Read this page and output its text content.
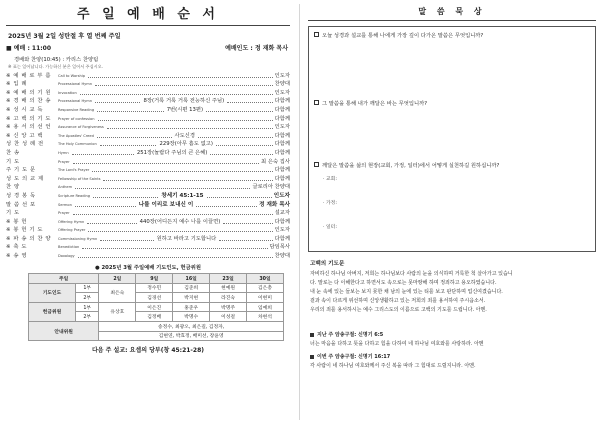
주 일 예 배 순 서
2025년 3월 2일 성탄절 후 열 번째 주일
■ 예배 : 11:00	예배인도 : 정 재화 목사
경배와 찬양(10:45) : 카리스 찬양팀
※ 표는 일어납니다. 가능하신 분은 일어서 주십시오.
※ 예 배 로 부 름	Call to Worship	인도자
※ 입 례	Processional Hymn	찬양대
※ 예 배 의 기 원	Invocation	인도자
※ 경 배 의 찬 송	Processional Hymn	8장(거룩 거룩 거룩 전능하신 주님)	다함께
※ 성 시 교 독	Responsive Reading	7번(시편 13편)	다함께
※ 고 백 의 기 도	Prayer of confession	다함께
※ 용 서 의 선 언	Assurance of Forgiveness	인도자
※ 신 앙 고 백	The Apostles' Creed	사도신경	다함께
성 찬 성 례 전	The Holy Communion	229장(아무 흠도 없고)	다함께
찬 송	Hymn	251장(놀랍다 주님의 큰 은혜)	다함께
기 도	Prayer	최 은숙 집사
주 기 도 문	The Lord's Prayer	다함께
성 도 의 교 제	Fellowship of the Saints	다함께
찬 양	Anthem	글로리아 찬양대
성 경 봉 독	Scripture Reading	창세기 45:1-15	인도자
말 씀 선 포	Sermon	나를 이리로 보내신 이	정 재화 목사
기 도	Prayer	설교자
※ 봉 헌	Offering Hymn	440장(어디든지 예수 나를 이끌면)	다함께
※ 봉 헌 기 도	Offering Prayer	인도자
※ 파 송 의 찬 양	Commissioning Hymn	원하고 바라고 기도합니다	다함께
※ 축 도	Benediction	담임목사
※ 송 영	Doxology	찬양대
● 2025년 3월 주일예배 기도인도, 헌금위원
주일		2일	9일	16일	23일	30일
기도인도	1부	최은숙	정수민	김준희	현예원	김은총
	2부		김경선	박지현	라진숙	이현미
헌금위원	1부	유상호	이은진	홍준우	박명주	임예희
	2부		김정배	박명수	이성걸	차현석
안내위원		송정수, 최광오, 최은길, 김정자,				
		김현연, 박효정, 배미선, 장윤영				
다음 주 설교: 요셉의 당부(창 45:21-28)
말 씀 묵 상
오늘 성경과 설교를 통해 나에게 가장 깊이 다가온 말씀은 무엇입니까?
그 말씀을 통해 내가 깨달은 바는 무엇입니까?
깨달은 말씀을 삶의 현장(교회, 가정, 일터)에서 어떻게 실천하길 원하십니까?
· 교회:
· 가정:
· 일터:
고백의 기도문
자비하신 하나님 아버지, 저희는 하나님보다 사람의 눈을 의식하며 거룩한 척 살아가고 있습니
다. 말로는 다 이해한다고 하면서도 속으로는 못마땅해 하며 정죄하고 용오하였습니다.
내 눈 속에 있는 들보는 보지 못한 채 남의 눈에 있는 티를 보고 판단하며 업신여겼습니다.
겉과 속이 다르게 위선하며 신앙생활하고 있는 저희의 죄를 용서하여 주시옵소서.
우리의 죄를 용서하시는 예수 그리스도의 이름으로 고백의 기도를 드립니다. 아멘.
지난 주 암송구절: 신명기 6:5
너는 마음을 다하고 뜻을 다하고 힘을 다하여 네 하나님 여호와를 사랑하라. 아멘
이번 주 암송구절: 신명기 16:17
각 사람이 네 하나님 여호와께서 주신 복을 따라 그 힘대로 드릴지니라. 아멘.
